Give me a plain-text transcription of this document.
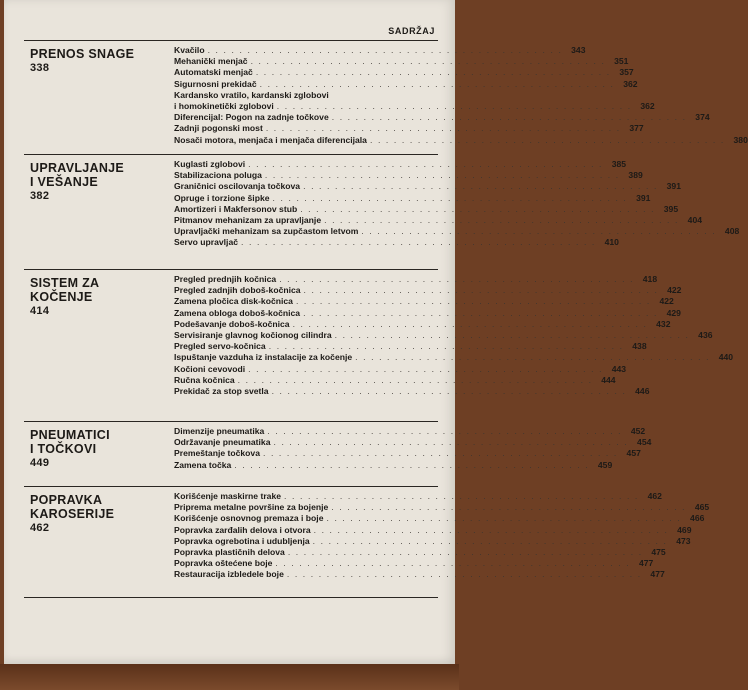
SADRŽAJ
PRENOS SNAGE
338
Kvačilo . . . . . . . . . . . . . . . . . . . . . . . . . . . . . . . . . . . . . . . . . . . . .	343
Mehanički menjač . . . . . . . . . . . . . . . . . . . . . . . . . . . . . . . . . . . . . . . . . . . . .	351
Automatski menjač . . . . . . . . . . . . . . . . . . . . . . . . . . . . . . . . . . . . . . . . . . . . .	357
Sigurnosni prekidač . . . . . . . . . . . . . . . . . . . . . . . . . . . . . . . . . . . . . . . . . . . . .	362
Kardansko vratilo, kardanski zglobovi
i homokinetički zglobovi . . . . . . . . . . . . . . . . . . . . . . . . . . . . . . . . . . . . . . . . . . . . .	362
Diferencijal: Pogon na zadnje točkove . . . . . . . . . . . . . . . . . . . . . . . . . . . . . . . . . . . . . . . . . . . . .	374
Zadnji pogonski most . . . . . . . . . . . . . . . . . . . . . . . . . . . . . . . . . . . . . . . . . . . . .	377
Nosači motora, menjača i menjača diferencijala . . . . . . . . . . . . . . . . . . . . . . . . . . . . . . . . . . . . . . . . . . . . .	380
UPRAVLJANJE
I VEŠANJE
382
Kuglasti zglobovi . . . . . . . . . . . . . . . . . . . . . . . . . . . . . . . . . . . . . . . . . . . . .	385
Stabilizaciona poluga . . . . . . . . . . . . . . . . . . . . . . . . . . . . . . . . . . . . . . . . . . . . .	389
Graničnici oscilovanja točkova . . . . . . . . . . . . . . . . . . . . . . . . . . . . . . . . . . . . . . . . . . . . .	391
Opruge i torzione šipke . . . . . . . . . . . . . . . . . . . . . . . . . . . . . . . . . . . . . . . . . . . . .	391
Amortizeri i Makfersonov stub . . . . . . . . . . . . . . . . . . . . . . . . . . . . . . . . . . . . . . . . . . . . .	395
Pitmanov mehanizam za upravljanje . . . . . . . . . . . . . . . . . . . . . . . . . . . . . . . . . . . . . . . . . . . . .	404
Upravljački mehanizam sa zupčastom letvom . . . . . . . . . . . . . . . . . . . . . . . . . . . . . . . . . . . . . . . . . . . . .	408
Servo upravljač . . . . . . . . . . . . . . . . . . . . . . . . . . . . . . . . . . . . . . . . . . . . .	410
SISTEM ZA
KOČENJE
414
Pregled prednjih kočnica . . . . . . . . . . . . . . . . . . . . . . . . . . . . . . . . . . . . . . . . . . . . .	418
Pregled zadnjih doboš-kočnica . . . . . . . . . . . . . . . . . . . . . . . . . . . . . . . . . . . . . . . . . . . . .	422
Zamena pločica disk-kočnica . . . . . . . . . . . . . . . . . . . . . . . . . . . . . . . . . . . . . . . . . . . . .	422
Zamena obloga doboš-kočnica . . . . . . . . . . . . . . . . . . . . . . . . . . . . . . . . . . . . . . . . . . . . .	429
Podešavanje doboš-kočnica . . . . . . . . . . . . . . . . . . . . . . . . . . . . . . . . . . . . . . . . . . . . .	432
Servisiranje glavnog kočionog cilindra . . . . . . . . . . . . . . . . . . . . . . . . . . . . . . . . . . . . . . . . . . . . .	436
Pregled servo-kočnica . . . . . . . . . . . . . . . . . . . . . . . . . . . . . . . . . . . . . . . . . . . . .	438
Ispuštanje vazduha iz instalacije za kočenje . . . . . . . . . . . . . . . . . . . . . . . . . . . . . . . . . . . . . . . . . . . . .	440
Kočioni cevovodi . . . . . . . . . . . . . . . . . . . . . . . . . . . . . . . . . . . . . . . . . . . . .	443
Ručna kočnica . . . . . . . . . . . . . . . . . . . . . . . . . . . . . . . . . . . . . . . . . . . . .	444
Prekidač za stop svetla . . . . . . . . . . . . . . . . . . . . . . . . . . . . . . . . . . . . . . . . . . . . .	446
PNEUMATICI
I TOČKOVI
449
Dimenzije pneumatika . . . . . . . . . . . . . . . . . . . . . . . . . . . . . . . . . . . . . . . . . . . . .	452
Održavanje pneumatika . . . . . . . . . . . . . . . . . . . . . . . . . . . . . . . . . . . . . . . . . . . . .	454
Premeštanje točkova . . . . . . . . . . . . . . . . . . . . . . . . . . . . . . . . . . . . . . . . . . . . .	457
Zamena točka . . . . . . . . . . . . . . . . . . . . . . . . . . . . . . . . . . . . . . . . . . . . .	459
POPRAVKA
KAROSERIJE
462
Korišćenje maskirne trake . . . . . . . . . . . . . . . . . . . . . . . . . . . . . . . . . . . . . . . . . . . . .	462
Priprema metalne površine za bojenje . . . . . . . . . . . . . . . . . . . . . . . . . . . . . . . . . . . . . . . . . . . . .	465
Korišćenje osnovnog premaza i boje . . . . . . . . . . . . . . . . . . . . . . . . . . . . . . . . . . . . . . . . . . . . .	466
Popravka zarđalih delova i otvora . . . . . . . . . . . . . . . . . . . . . . . . . . . . . . . . . . . . . . . . . . . . .	469
Popravka ogrebotina i udubljenja . . . . . . . . . . . . . . . . . . . . . . . . . . . . . . . . . . . . . . . . . . . . .	473
Popravka plastičnih delova . . . . . . . . . . . . . . . . . . . . . . . . . . . . . . . . . . . . . . . . . . . . .	475
Popravka oštećene boje . . . . . . . . . . . . . . . . . . . . . . . . . . . . . . . . . . . . . . . . . . . . .	477
Restauracija izbledele boje . . . . . . . . . . . . . . . . . . . . . . . . . . . . . . . . . . . . . . . . . . . . .	477
